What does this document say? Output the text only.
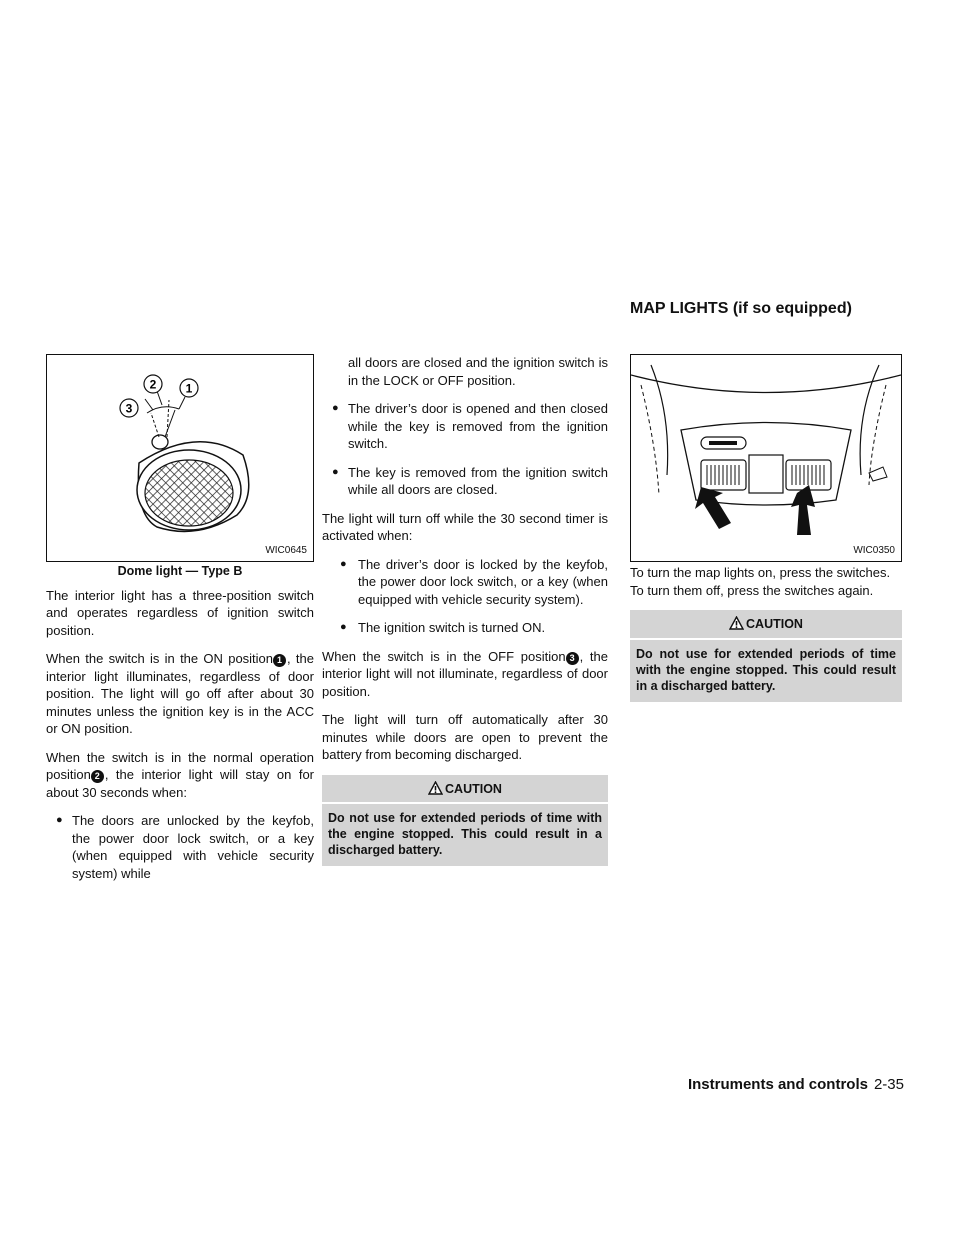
MAP LIGHTS (if so equipped)
1
2
3
WIC0645
Dome light — Type B

The interior light has a three-position switch and operates regardless of ignition switch position.

When the switch is in the ON position 1 , the interior light illuminates, regardless of door position. The light will go off after about 30 minutes unless the ignition key is in the ACC or ON position.

When the switch is in the normal operation position 2 , the interior light will stay on for about 30 seconds when:

● The doors are unlocked by the keyfob, the power door lock switch, or a key (when equipped with vehicle security system) while
all doors are closed and the ignition switch is in the LOCK or OFF position.
● The driver’s door is opened and then closed while the key is removed from the ignition switch.
● The key is removed from the ignition switch while all doors are closed.

The light will turn off while the 30 second timer is activated when:

● The driver’s door is locked by the keyfob, the power door lock switch, or a key (when equipped with vehicle security system).
● The ignition switch is turned ON.

When the switch is in the OFF position 3 , the interior light will not illuminate, regardless of door position.

The light will turn off automatically after 30 minutes while doors are open to prevent the battery from becoming discharged.

CAUTION
Do not use for extended periods of time with the engine stopped. This could result in a discharged battery.
WIC0350

To turn the map lights on, press the switches. To turn them off, press the switches again.

CAUTION
Do not use for extended periods of time with the engine stopped. This could result in a discharged battery.
Instruments and controls 2-35
